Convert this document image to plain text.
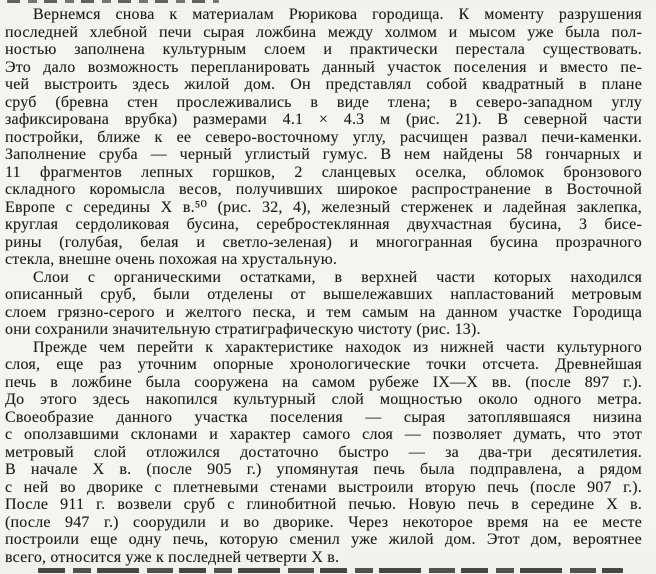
Вернемся снова к материалам Рюрикова городища. К моменту разрушения
последней хлебной печи сырая ложбина между холмом и мысом уже была пол-
ностью заполнена культурным слоем и практически перестала существовать.
Это дало возможность перепланировать данный участок поселения и вместо пе-
чей выстроить здесь жилой дом. Он представлял собой квадратный в плане
сруб (бревна стен прослеживались в виде тлена; в северо-западном углу
зафиксирована врубка) размерами 4.1 × 4.3 м (рис. 21). В северной части
постройки, ближе к ее северо-восточному углу, расчищен развал печи-каменки.
Заполнение сруба — черный углистый гумус. В нем найдены 58 гончарных и
11 фрагментов лепных горшков, 2 сланцевых оселка, обломок бронзового
складного коромысла весов, получивших широкое распространение в Восточной
Европе с середины X в.⁵⁰ (рис. 32, 4), железный стерженек и ладейная заклепка,
круглая сердоликовая бусина, серебростеклянная двухчастная бусина, 3 бисе-
рины (голубая, белая и светло-зеленая) и многогранная бусина прозрачного
стекла, внешне очень похожая на хрустальную.
Слои с органическими остатками, в верхней части которых находился
описанный сруб, были отделены от вышележавших напластований метровым
слоем грязно-серого и желтого песка, и тем самым на данном участке Городища
они сохранили значительную стратиграфическую чистоту (рис. 13).
Прежде чем перейти к характеристике находок из нижней части культурного
слоя, еще раз уточним опорные хронологические точки отсчета. Древнейшая
печь в ложбине была сооружена на самом рубеже IX—X вв. (после 897 г.).
До этого здесь накопился культурный слой мощностью около одного метра.
Своеобразие данного участка поселения — сырая затоплявшаяся низина
с оползавшими склонами и характер самого слоя — позволяет думать, что этот
метровый слой отложился достаточно быстро — за два-три десятилетия.
В начале X в. (после 905 г.) упомянутая печь была подправлена, а рядом
с ней во дворике с плетневыми стенами выстроили вторую печь (после 907 г.).
После 911 г. возвели сруб с глинобитной печью. Новую печь в середине X в.
(после 947 г.) соорудили и во дворике. Через некоторое время на ее месте
построили еще одну печь, которую сменил уже жилой дом. Этот дом, вероятнее
всего, относится уже к последней четверти X в.
